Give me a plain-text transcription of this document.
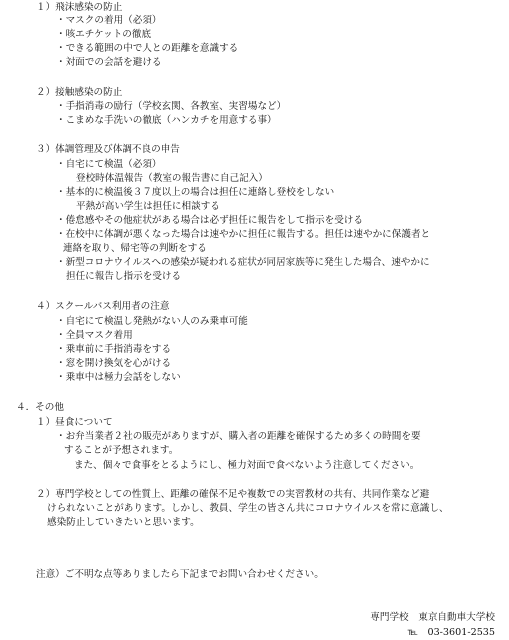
１）飛沫感染の防止
・マスクの着用（必須）
・咳エチケットの徹底
・できる範囲の中で人との距離を意識する
・対面での会話を避ける
２）接触感染の防止
・手指消毒の励行（学校玄関、各教室、実習場など）
・こまめな手洗いの徹底（ハンカチを用意する事）
３）体調管理及び体調不良の申告
・自宅にて検温（必須）
登校時体温報告（教室の報告書に自己記入）
・基本的に検温後３７度以上の場合は担任に連絡し登校をしない
平熱が高い学生は担任に相談する
・倦怠感やその他症状がある場合は必ず担任に報告をして指示を受ける
・在校中に体調が悪くなった場合は速やかに担任に報告する。担任は速やかに保護者と
連絡を取り、帰宅等の判断をする
・新型コロナウイルスへの感染が疑われる症状が同居家族等に発生した場合、速やかに
担任に報告し指示を受ける
４）スクールバス利用者の注意
・自宅にて検温し発熱がない人のみ乗車可能
・全員マスク着用
・乗車前に手指消毒をする
・窓を開け換気を心がける
・乗車中は極力会話をしない
４．その他
１）昼食について
・お弁当業者２社の販売がありますが、購入者の距離を確保するため多くの時間を要
することが予想されます。
また、個々で食事をとるようにし、極力対面で食べないよう注意してください。
２）専門学校としての性質上、距離の確保不足や複数での実習教材の共有、共同作業など避
けられないことがあります。しかし、教員、学生の皆さん共にコロナウイルスを常に意識し、
感染防止していきたいと思います。
注意）ご不明な点等ありましたら下記までお問い合わせください。
専門学校　東京自動車大学校
℡　03-3601-2535
